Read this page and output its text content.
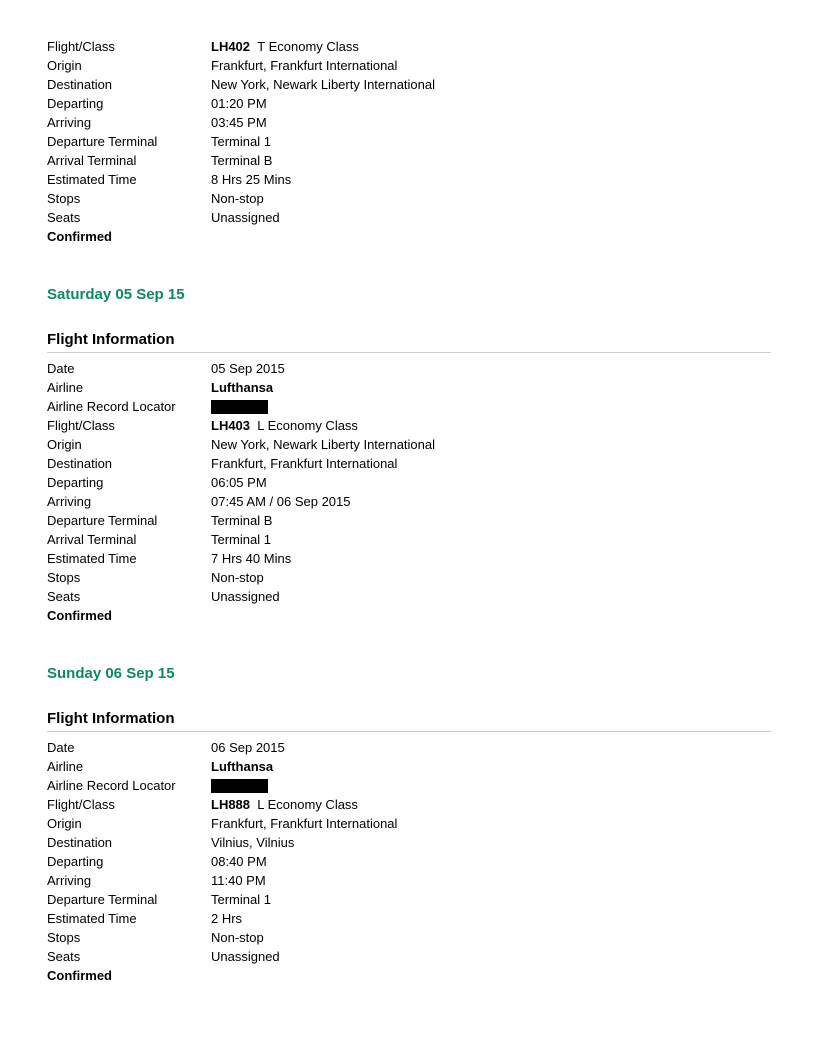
Flight/Class	LH402 T Economy Class
Origin	Frankfurt, Frankfurt International
Destination	New York, Newark Liberty International
Departing	01:20 PM
Arriving	03:45 PM
Departure Terminal	Terminal 1
Arrival Terminal	Terminal B
Estimated Time	8 Hrs 25 Mins
Stops	Non-stop
Seats	Unassigned
Confirmed
Saturday 05 Sep 15
Flight Information
Date	05 Sep 2015
Airline	Lufthansa
Airline Record Locator
Flight/Class	LH403 L Economy Class
Origin	New York, Newark Liberty International
Destination	Frankfurt, Frankfurt International
Departing	06:05 PM
Arriving	07:45 AM / 06 Sep 2015
Departure Terminal	Terminal B
Arrival Terminal	Terminal 1
Estimated Time	7 Hrs 40 Mins
Stops	Non-stop
Seats	Unassigned
Confirmed
Sunday 06 Sep 15
Flight Information
Date	06 Sep 2015
Airline	Lufthansa
Airline Record Locator
Flight/Class	LH888 L Economy Class
Origin	Frankfurt, Frankfurt International
Destination	Vilnius, Vilnius
Departing	08:40 PM
Arriving	11:40 PM
Departure Terminal	Terminal 1
Estimated Time	2 Hrs
Stops	Non-stop
Seats	Unassigned
Confirmed
